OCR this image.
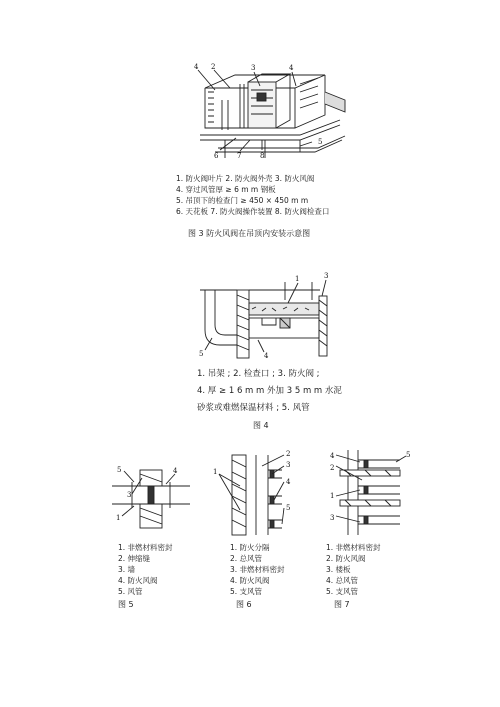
4 2	3	4
5
6	7	8
1. 防火阀叶片 2. 防火阀外壳 3. 防火风阀
4. 穿过风管厚 ≥ 6 m m 钢板
5. 吊顶下的检查门 ≥ 450 × 450 m m
6. 天花板 7. 防火阀操作装置 8. 防火阀检查口
图 3 防火风阀在吊顶内安装示意图
1	3
4
5
1. 吊架 ; 2. 检查口 ; 3. 防火阀 ;
4. 厚 ≥ 1 6 m m 外加 3 5 m m 水泥
砂浆或难燃保温材料 ; 5. 风管
图 4
5	4
3
1
1. 非燃材料密封
2. 伸缩缝
3. 墙
4. 防火风阀
5. 风管
图 5
1
2
3
4
5
1. 防火分隔
2. 总风管
3. 非燃材料密封
4. 防火风阀
5. 支风管
图 6
4
2
1
3
5
1. 非燃材料密封
2. 防火风阀
3. 楼板
4. 总风管
5. 支风管
图 7
